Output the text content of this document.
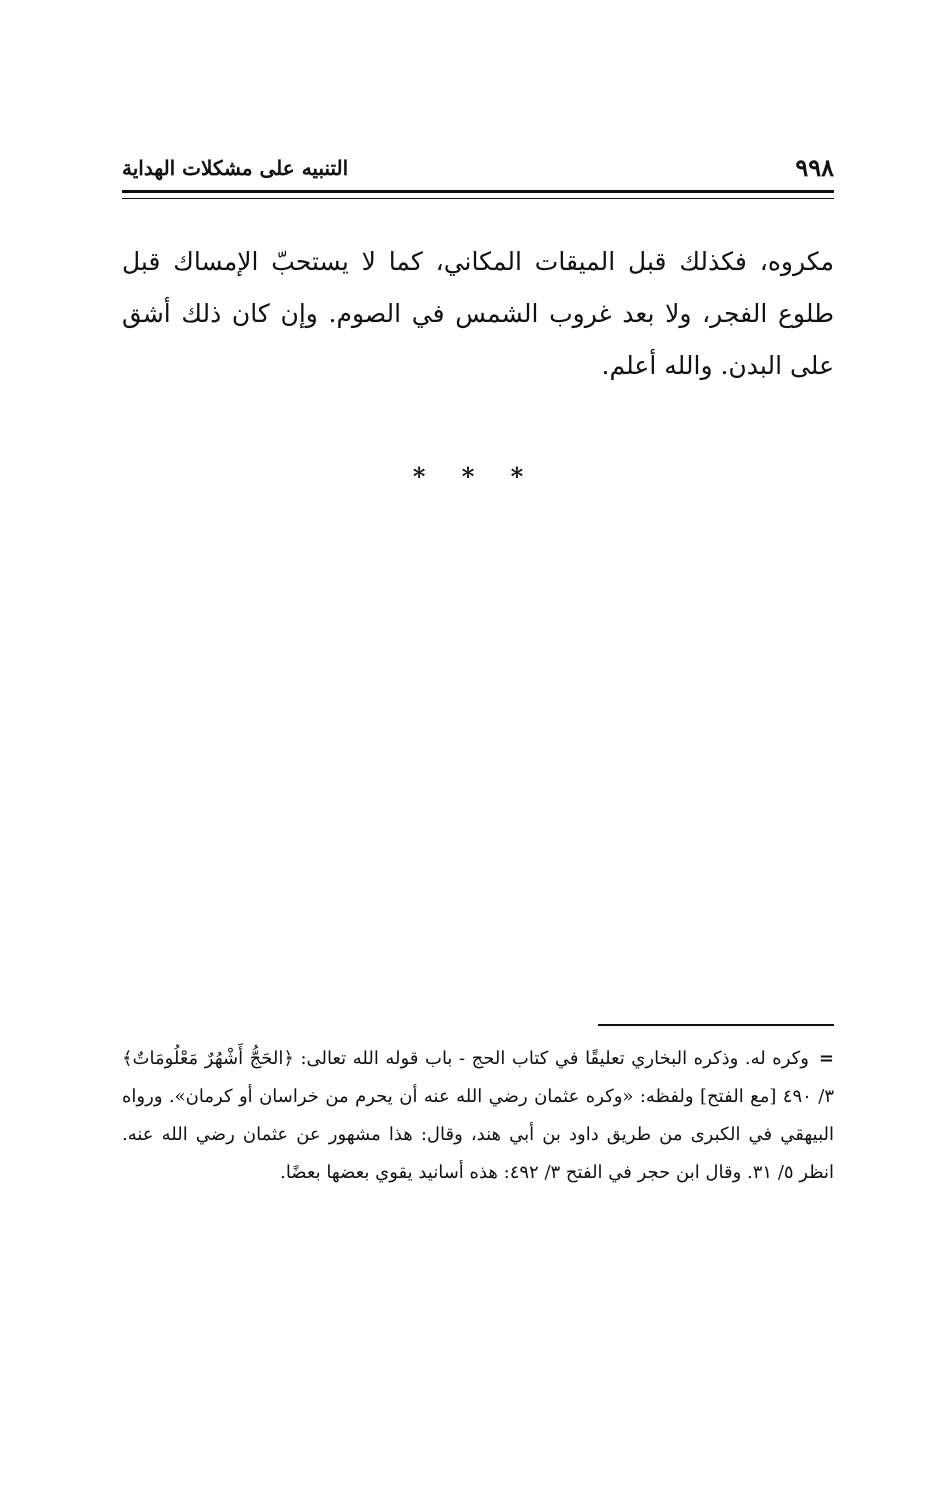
٩٩٨
التنبيه على مشكلات الهداية

مكروه، فكذلك قبل الميقات المكاني، كما لا يستحبّ الإمساك قبل طلوع الفجر، ولا بعد غروب الشمس في الصوم. وإن كان ذلك أشق على البدن. والله أعلم.

* * *

=وكره له. وذكره البخاري تعليقًا في كتاب الحج - باب قوله الله تعالى: ﴿الحَجُّ أَشْهُرٌ مَعْلُومَاتٌ﴾ ٣/ ٤٩٠ [مع الفتح] ولفظه: «وكره عثمان رضي الله عنه أن يحرم من خراسان أو كرمان». ورواه البيهقي في الكبرى من طريق داود بن أبي هند، وقال: هذا مشهور عن عثمان رضي الله عنه. انظر ٥/ ٣١. وقال ابن حجر في الفتح ٣/ ٤٩٢: هذه أسانيد يقوي بعضها بعضًا.
